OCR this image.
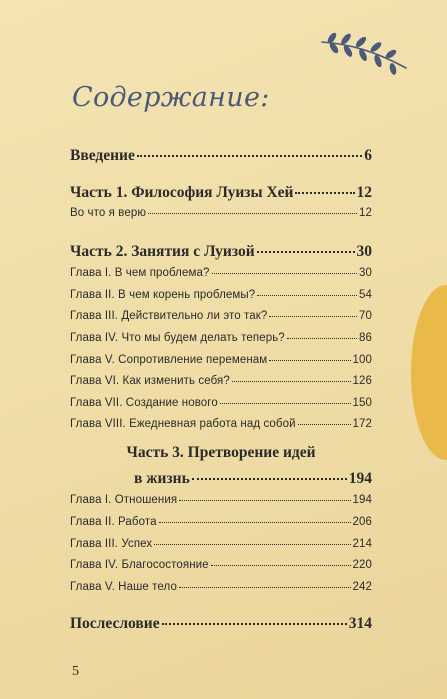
Содержание:
Введение	6
Часть 1. Философия Луизы Хей	12
Во что я верю	12
Часть 2. Занятия с Луизой	30
Глава I. В чем проблема?	30
Глава II. В чем корень проблемы?	54
Глава III. Действительно ли это так?	70
Глава IV. Что мы будем делать теперь?	86
Глава V. Сопротивление переменам	100
Глава VI. Как изменить себя?	126
Глава VII. Создание нового	150
Глава VIII. Ежедневная работа над собой	172
Часть 3. Претворение идей
в жизнь	194
Глава I. Отношения	194
Глава II. Работа	206
Глава III. Успех	214
Глава IV. Благосостояние	220
Глава V. Наше тело	242
Послесловие	314
5
